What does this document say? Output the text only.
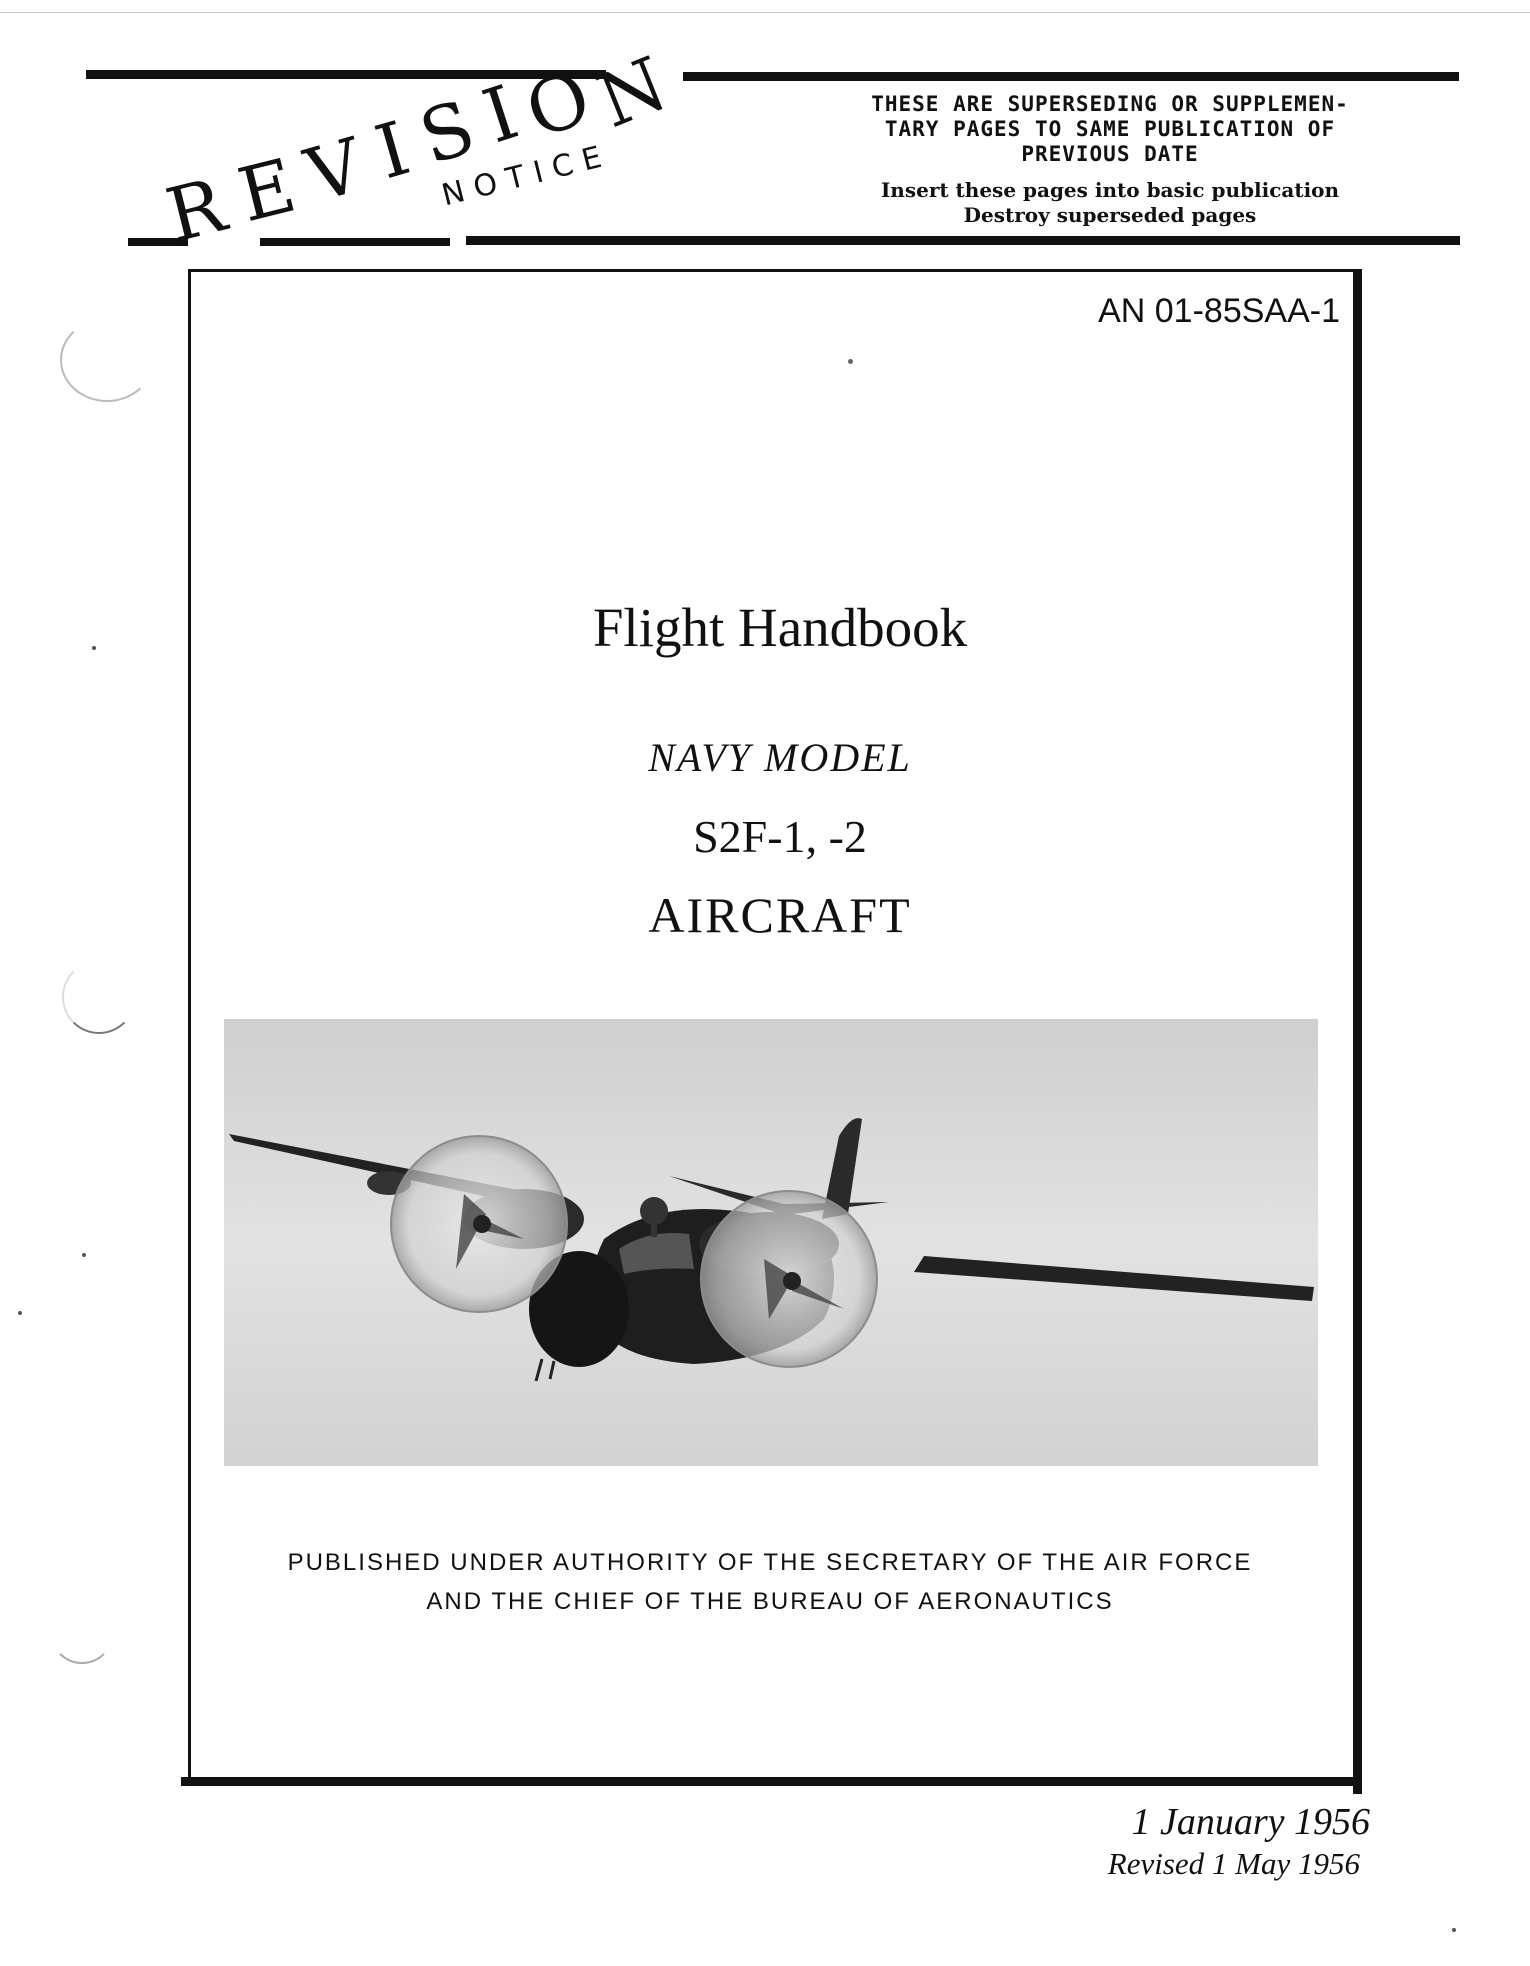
R
E
V
I
S
I
O
N
NOTICE
THESE ARE SUPERSEDING OR SUPPLEMEN-
TARY PAGES TO SAME PUBLICATION OF
PREVIOUS DATE
Insert these pages into basic publication
Destroy superseded pages
AN 01-85SAA-1
Flight Handbook
NAVY MODEL
S2F-1, -2
AIRCRAFT
PUBLISHED UNDER AUTHORITY OF THE SECRETARY OF THE AIR FORCE
AND THE CHIEF OF THE BUREAU OF AERONAUTICS
1 January 1956
Revised 1 May 1956
